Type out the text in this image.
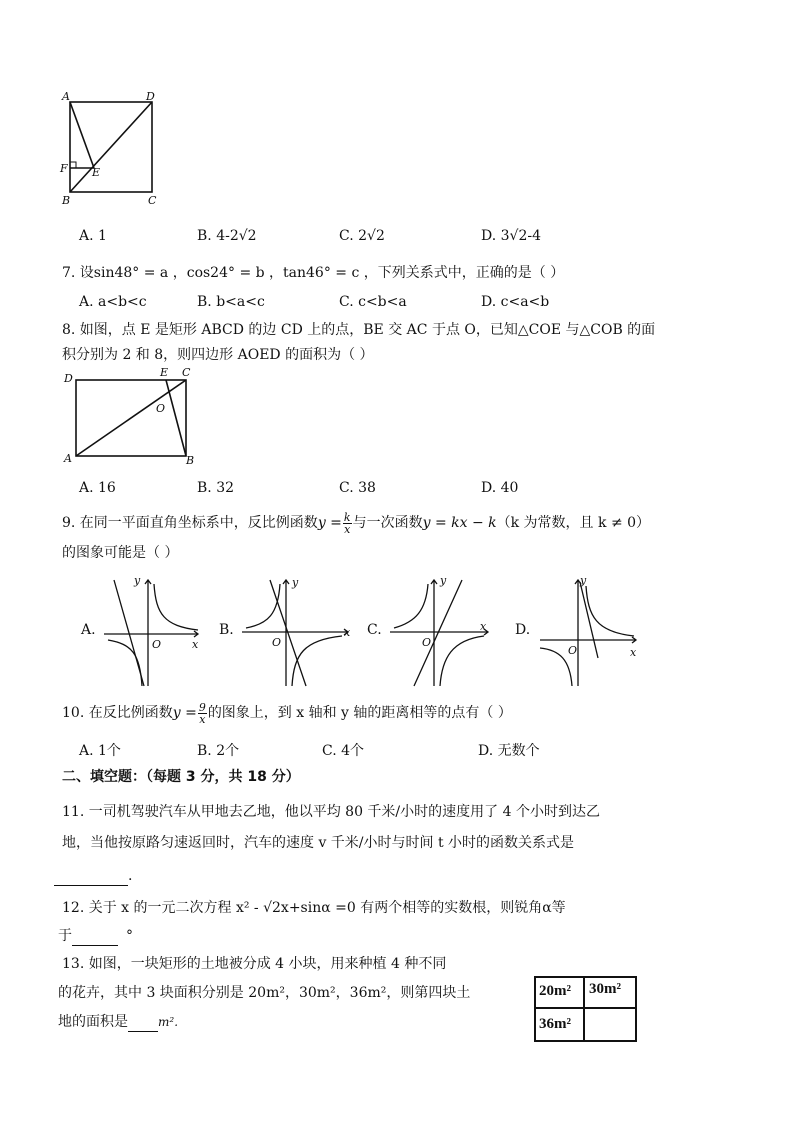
A	D
F E
B	C
A. 1	B. 4-2√2	C. 2√2	D. 3√2-4
7. 设sin48° = a ，cos24° = b ，tan46° = c ，下列关系式中，正确的是（ ）
A. a<b<c	B. b<a<c	C. c<b<a	D. c<a<b
8. 如图，点 E 是矩形 ABCD 的边 CD 上的点，BE 交 AC 于点 O，已知△COE 与△COB 的面
积分别为 2 和 8，则四边形 AOED 的面积为（ ）
D	E C
O
A	B
A. 16	B. 32	C. 38	D. 40
9. 在同一平面直角坐标系中，反比例函数$y = \frac{k}{x}$ 与一次函数y = kx − k（k 为常数，且 k ≠ 0）
的图象可能是（ ）
A.	B.	C.	D.
O	x
y
O
x
y
O
x
y
O	x
y
10. 在反比例函数$y = \frac{9}{x}$ 的图象上，到 x 轴和 y 轴的距离相等的点有（ ）
A. 1个	B. 2个	C. 4个	D. 无数个
二、填空题：（每题 3 分，共 18 分）
11. 一司机驾驶汽车从甲地去乙地，他以平均 80 千米/小时的速度用了 4 个小时到达乙
地，当他按原路匀速返回时，汽车的速度 v 千米/小时与时间 t 小时的函数关系式是
.
12. 关于 x 的一元二次方程 x² - √2x+sinα =0 有两个相等的实数根，则锐角α等
于	°
13. 如图，一块矩形的土地被分成 4 小块，用来种植 4 种不同
的花卉，其中 3 块面积分别是 20m²，30m²，36m²，则第四块土
地的面积是	m².
20m² 30m²
36m²
